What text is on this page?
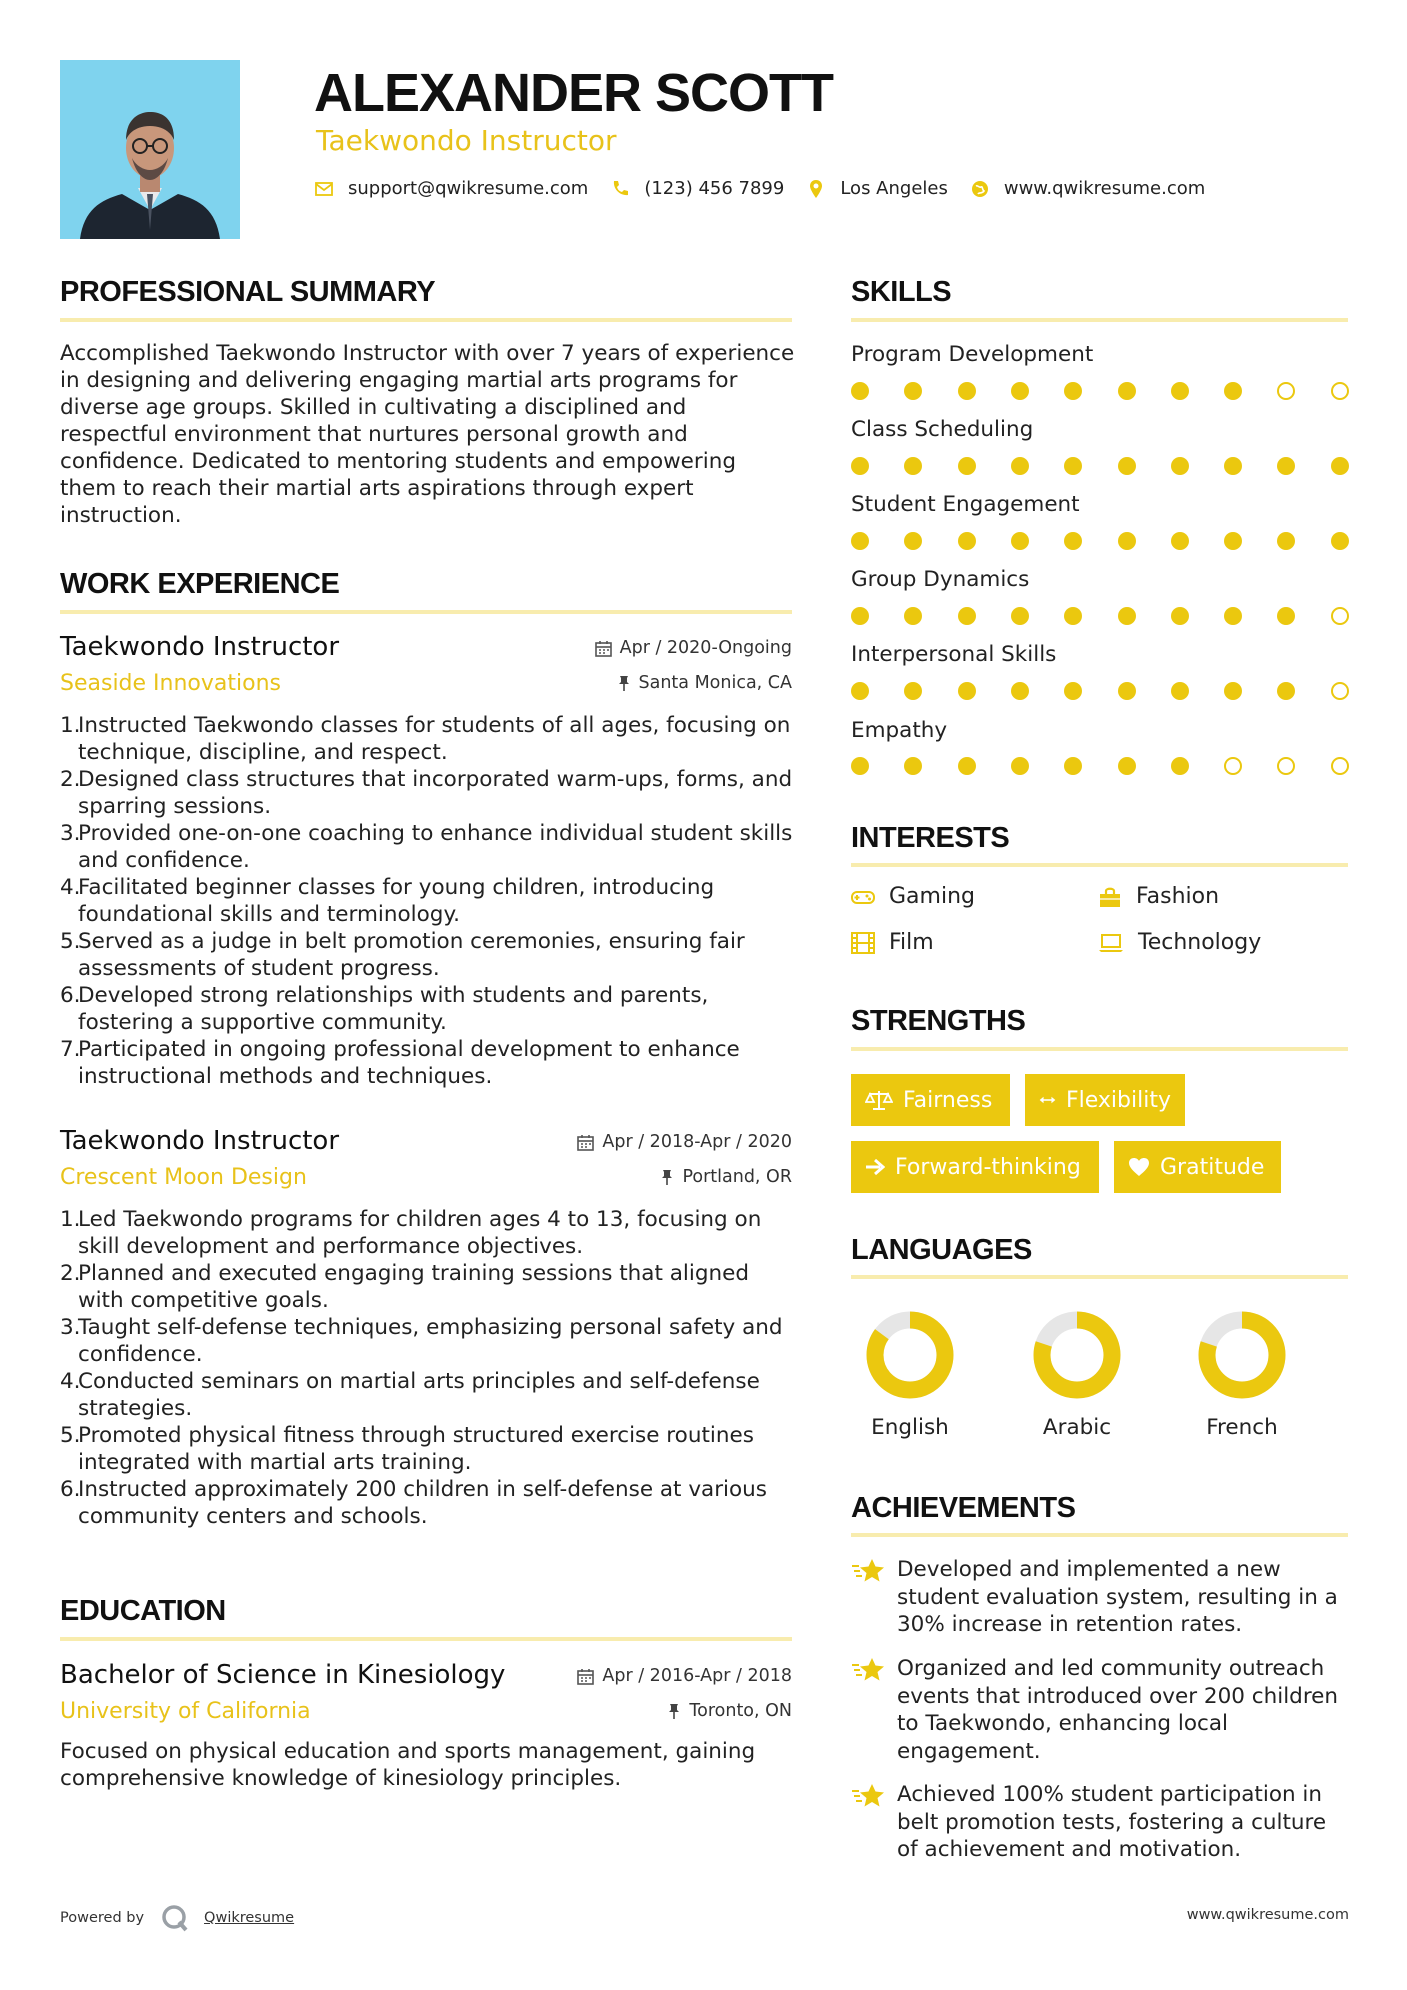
ALEXANDER SCOTT
Taekwondo Instructor
support@qwikresume.com	(123) 456 7899	Los Angeles	www.qwikresume.com
PROFESSIONAL SUMMARY
Accomplished Taekwondo Instructor with over 7 years of experience in designing and delivering engaging martial arts programs for diverse age groups. Skilled in cultivating a disciplined and respectful environment that nurtures personal growth and confidence. Dedicated to mentoring students and empowering them to reach their martial arts aspirations through expert instruction.
WORK EXPERIENCE
Taekwondo Instructor
Seaside Innovations
Apr / 2020-Ongoing
Santa Monica, CA
1.
Instructed Taekwondo classes for students of all ages, focusing on technique, discipline, and respect.
2.
Designed class structures that incorporated warm-ups, forms, and sparring sessions.
3.
Provided one-on-one coaching to enhance individual student skills and confidence.
4.
Facilitated beginner classes for young children, introducing foundational skills and terminology.
5.
Served as a judge in belt promotion ceremonies, ensuring fair assessments of student progress.
6.
Developed strong relationships with students and parents, fostering a supportive community.
7.
Participated in ongoing professional development to enhance instructional methods and techniques.
Taekwondo Instructor
Crescent Moon Design
Apr / 2018-Apr / 2020
Portland, OR
1.
Led Taekwondo programs for children ages 4 to 13, focusing on skill development and performance objectives.
2.
Planned and executed engaging training sessions that aligned with competitive goals.
3.
Taught self-defense techniques, emphasizing personal safety and confidence.
4.
Conducted seminars on martial arts principles and self-defense strategies.
5.
Promoted physical fitness through structured exercise routines integrated with martial arts training.
6.
Instructed approximately 200 children in self-defense at various community centers and schools.
EDUCATION
Bachelor of Science in Kinesiology
University of California
Apr / 2016-Apr / 2018
Toronto, ON
Focused on physical education and sports management, gaining comprehensive knowledge of kinesiology principles.
SKILLS
Program Development
Class Scheduling
Student Engagement
Group Dynamics
Interpersonal Skills
Empathy
INTERESTS
Gaming	Fashion
Film	Technology
STRENGTHS
Fairness	Flexibility
Forward-thinking	Gratitude
LANGUAGES
English	Arabic	French
ACHIEVEMENTS
Developed and implemented a new student evaluation system, resulting in a 30% increase in retention rates.
Organized and led community outreach events that introduced over 200 children to Taekwondo, enhancing local engagement.
Achieved 100% student participation in belt promotion tests, fostering a culture of achievement and motivation.
Powered by	Qwikresume	www.qwikresume.com
